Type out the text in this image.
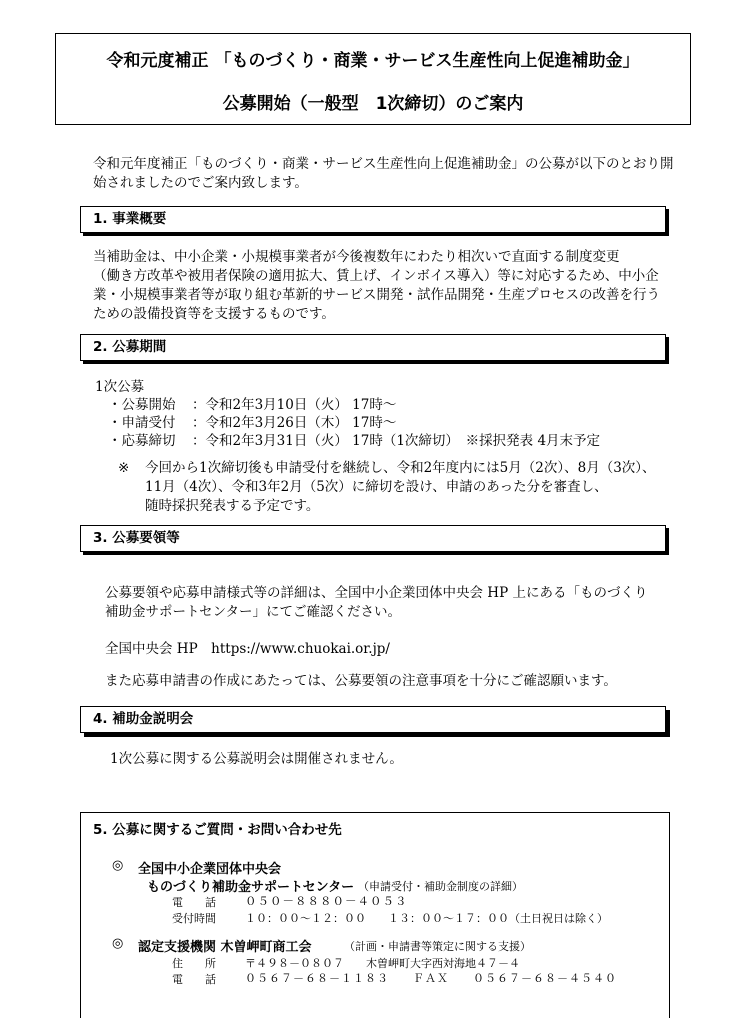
令和元度補正 「ものづくり・商業・サービス生産性向上促進補助金」
公募開始（一般型　1次締切）のご案内
令和元年度補正「ものづくり・商業・サービス生産性向上促進補助金」の公募が以下のとおり開
始されましたのでご案内致します。
1. 事業概要
当補助金は、中小企業・小規模事業者が今後複数年にわたり相次いで直面する制度変更
（働き方改革や被用者保険の適用拡大、賃上げ、インボイス導入）等に対応するため、中小企
業・小規模事業者等が取り組む革新的サービス開発・試作品開発・生産プロセスの改善を行う
ための設備投資等を支援するものです。
2. 公募期間
1次公募
・公募開始 ：令和2年3月10日（火） 17時～
・申請受付 ：令和2年3月26日（木） 17時～
・応募締切 ：令和2年3月31日（火） 17時（1次締切）　※採択発表 4月末予定
※ 今回から1次締切後も申請受付を継続し、令和2年度内には5月（2次）、8月（3次）、
11月（4次）、令和3年2月（5次）に締切を設け、申請のあった分を審査し、
随時採択発表する予定です。
3. 公募要領等
公募要領や応募申請様式等の詳細は、全国中小企業団体中央会 HP 上にある「ものづくり
補助金サポートセンター」にてご確認ください。
全国中央会 HP　https://www.chuokai.or.jp/
また応募申請書の作成にあたっては、公募要領の注意事項を十分にご確認願います。
4. 補助金説明会
1次公募に関する公募説明会は開催されません。
5. 公募に関するご質問・お問い合わせ先
◎ 全国中小企業団体中央会
ものづくり補助金サポートセンター （申請受付・補助金制度の詳細）
電　　話	０５０－８８８０－４０５３
受付時間	１０：００～１２：００　　１３：００～１７：００（土日祝日は除く）
◎ 認定支援機関 木曽岬町商工会	（計画・申請書等策定に関する支援）
住　　所	〒４９８－０８０７　　木曽岬町大字西対海地４７－４
電　　話	０５６７－６８－１１８３　　ＦＡＸ　　０５６７－６８－４５４０
